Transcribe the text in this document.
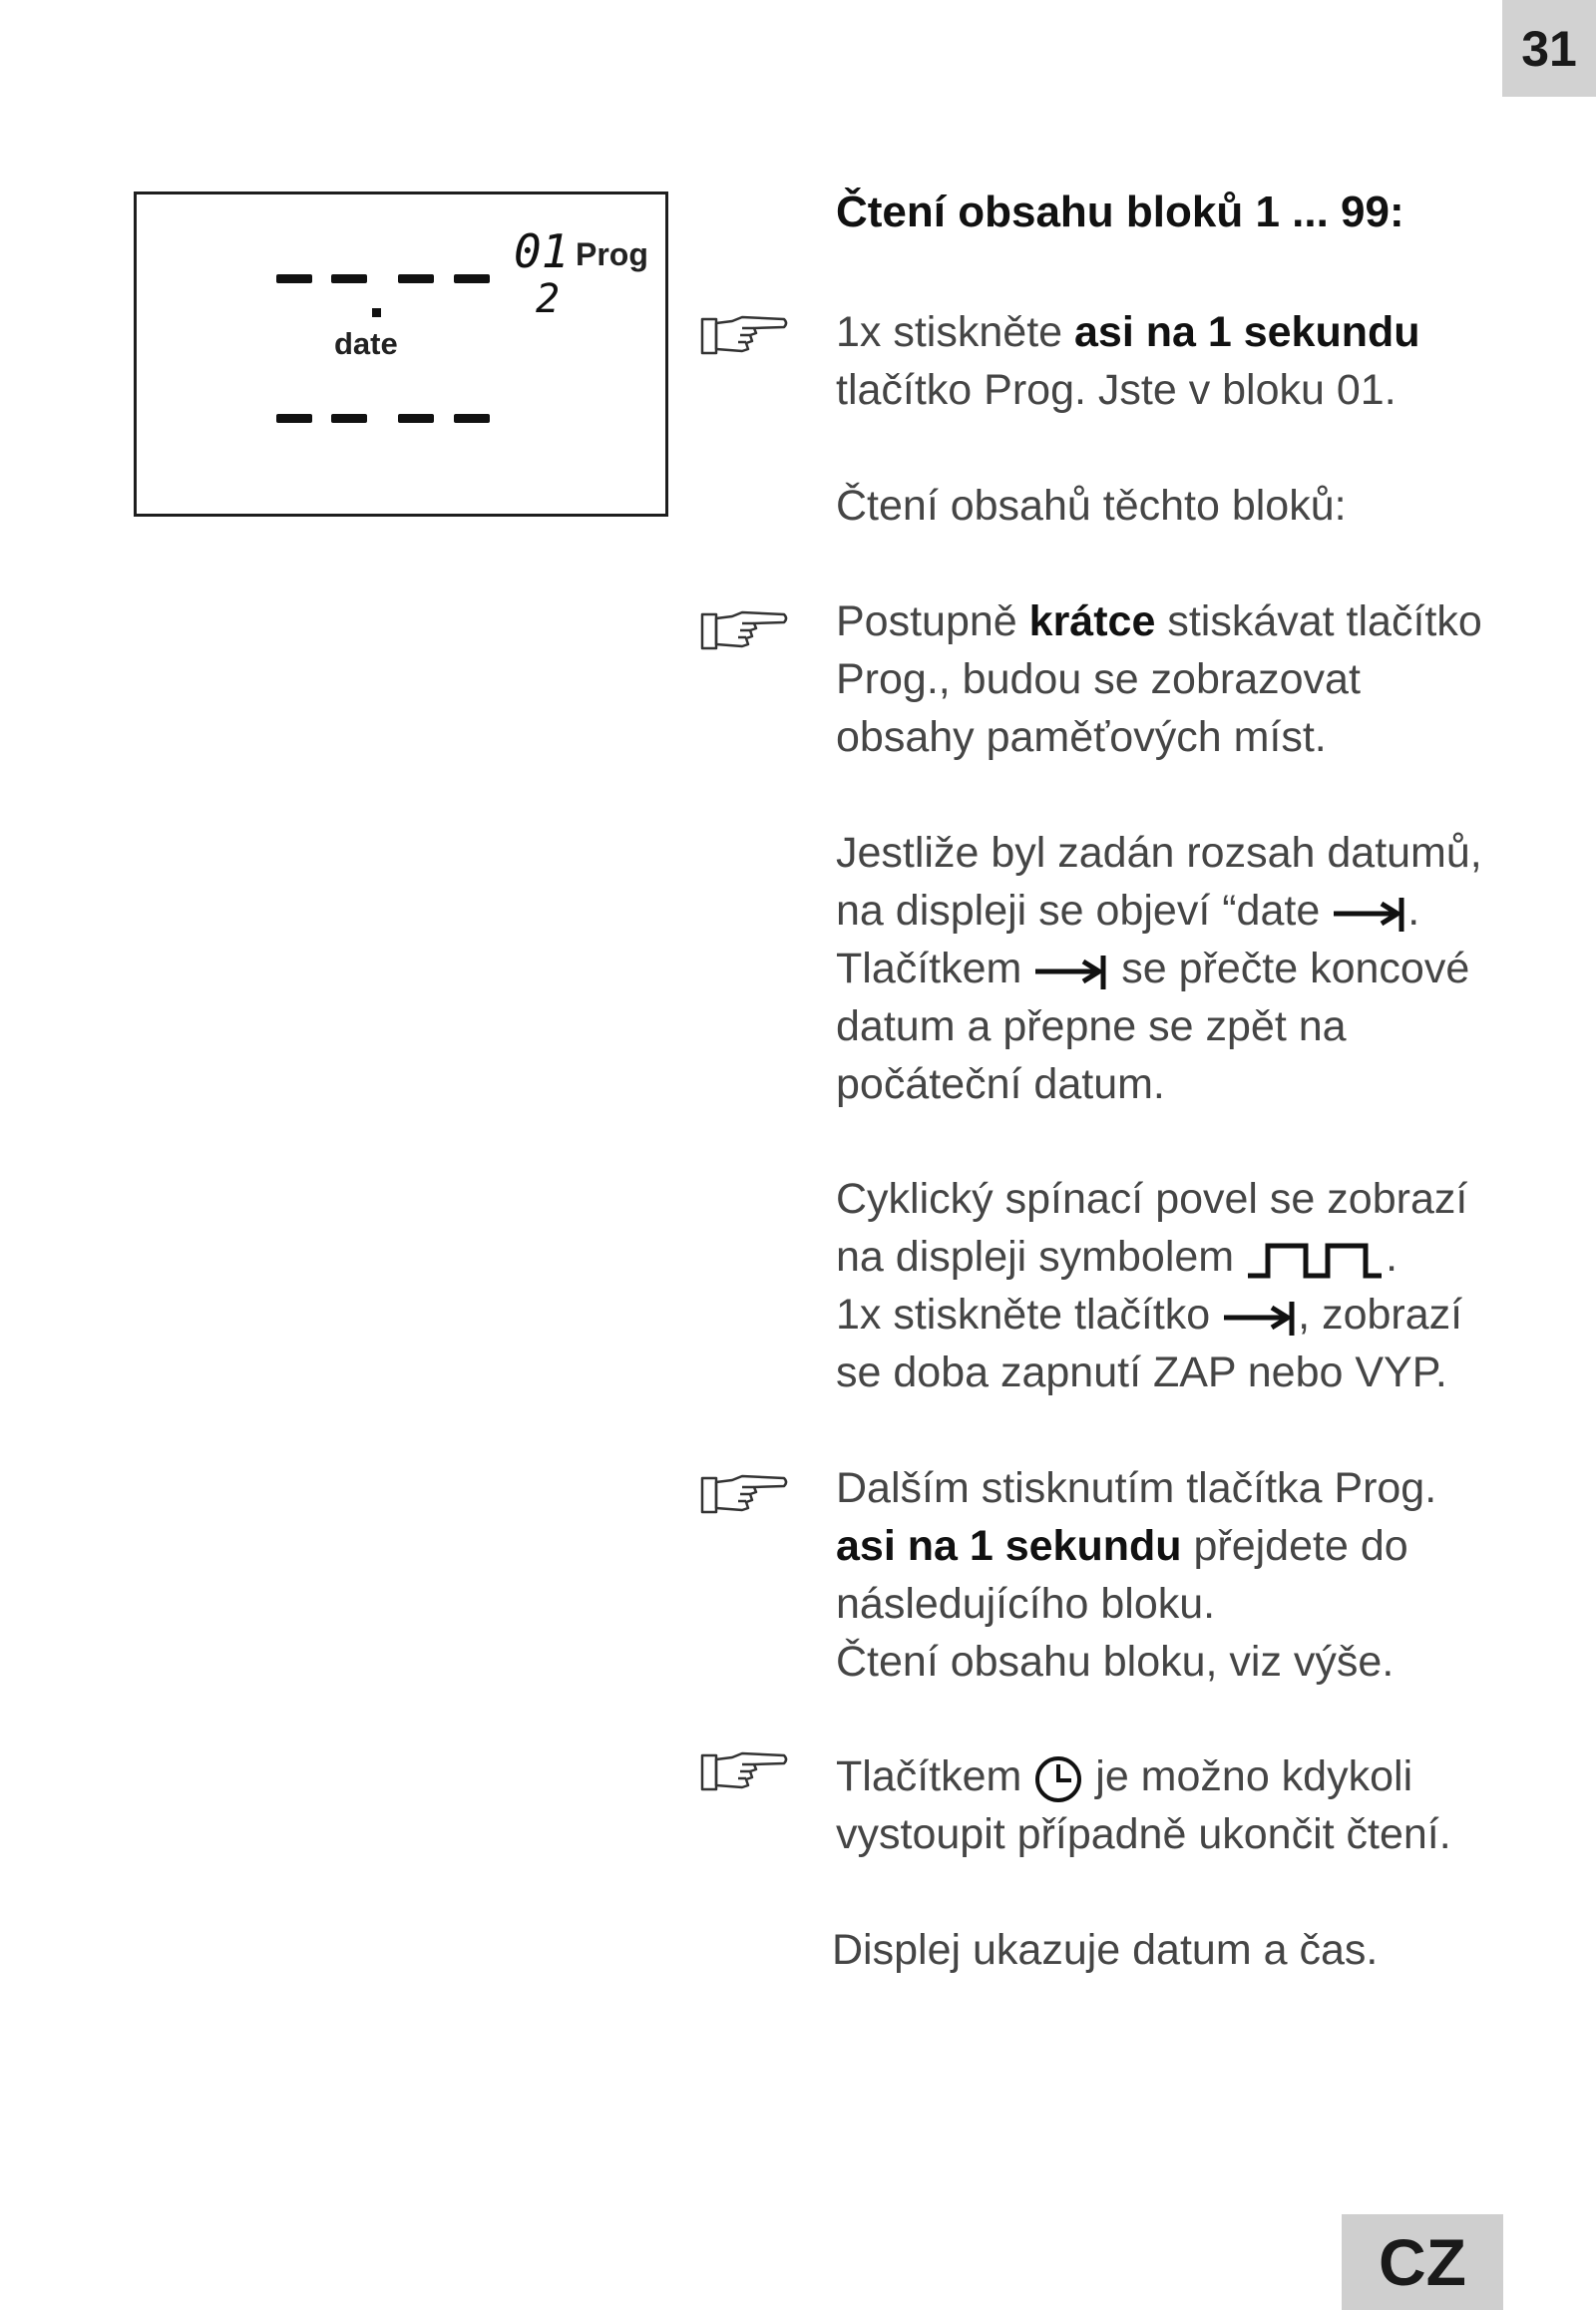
31
01 Prog
2
date
Čtení obsahu bloků 1 ... 99:
1x stiskněte asi na 1 sekundu
tlačítko Prog. Jste v bloku 01.
Čtení obsahů těchto bloků:
Postupně krátce stiskávat tlačítko
Prog., budou se zobrazovat
obsahy paměťových míst.
Jestliže byl zadán rozsah datumů,
na displeji se objeví “date .
Tlačítkem  se přečte koncové
datum a přepne se zpět na
počáteční datum.
Cyklický spínací povel se zobrazí
na displeji symbolem	.
1x stiskněte tlačítko , zobrazí
se doba zapnutí ZAP nebo VYP.
Dalším stisknutím tlačítka Prog.
asi na 1 sekundu přejdete do
následujícího bloku.
Čtení obsahu bloku, viz výše.
Tlačítkem  je možno kdykoli
vystoupit případně ukončit čtení.
Displej ukazuje datum a čas.
CZ
